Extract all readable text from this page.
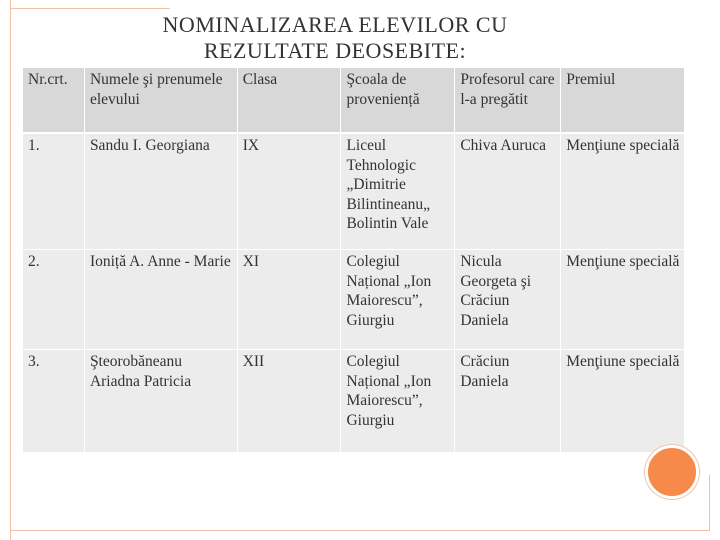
NOMINALIZAREA ELEVILOR CU
REZULTATE DEOSEBITE:
Nr.crt.	Numele şi prenumele elevului	Clasa	Şcoala de proveniență	Profesorul care l-a pregătit	Premiul
1.	Sandu I. Georgiana	IX	Liceul Tehnologic „Dimitrie Bilintineanu„ Bolintin Vale	Chiva Auruca	Menţiune specială
2.	Ioniță A. Anne - Marie	XI	Colegiul Național „Ion Maiorescu”, Giurgiu	Nicula Georgeta şi Crăciun Daniela	Menţiune specială
3.	Şteorobăneanu Ariadna Patricia	XII	Colegiul Național „Ion Maiorescu”, Giurgiu	Crăciun Daniela	Menţiune specială
